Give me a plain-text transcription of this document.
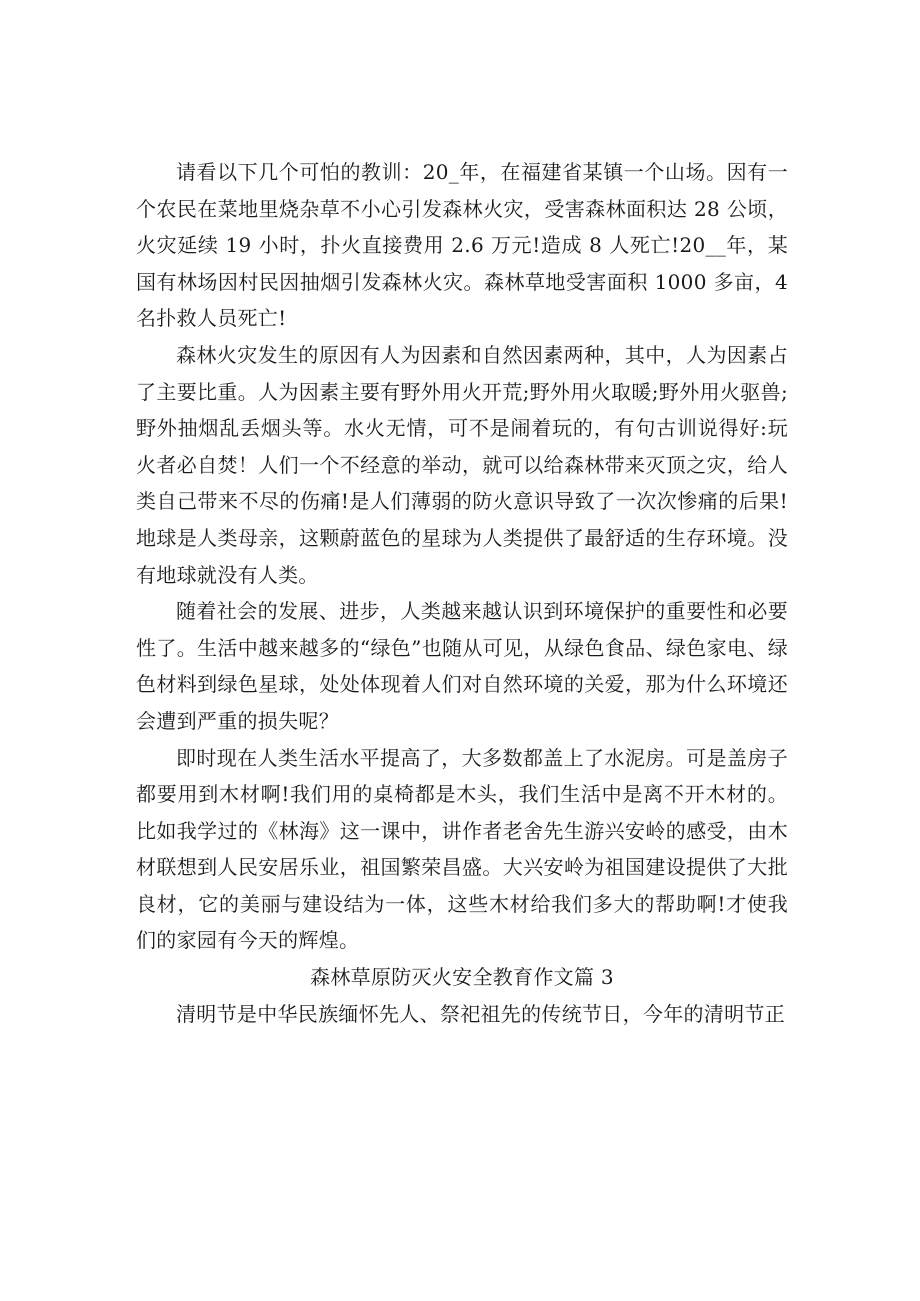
请看以下几个可怕的教训：20_年，在福建省某镇一个山场。因有一个农民在菜地里烧杂草不小心引发森林火灾，受害森林面积达 28 公顷，火灾延续 19 小时，扑火直接费用 2.6 万元!造成 8 人死亡!20__年，某国有林场因村民因抽烟引发森林火灾。森林草地受害面积 1000 多亩，4 名扑救人员死亡!

森林火灾发生的原因有人为因素和自然因素两种，其中，人为因素占了主要比重。人为因素主要有野外用火开荒;野外用火取暖;野外用火驱兽;野外抽烟乱丢烟头等。水火无情，可不是闹着玩的，有句古训说得好:玩火者必自焚！人们一个不经意的举动，就可以给森林带来灭顶之灾，给人类自己带来不尽的伤痛!是人们薄弱的防火意识导致了一次次惨痛的后果!地球是人类母亲，这颗蔚蓝色的星球为人类提供了最舒适的生存环境。没有地球就没有人类。

随着社会的发展、进步，人类越来越认识到环境保护的重要性和必要性了。生活中越来越多的“绿色”也随从可见，从绿色食品、绿色家电、绿色材料到绿色星球，处处体现着人们对自然环境的关爱，那为什么环境还会遭到严重的损失呢？

即时现在人类生活水平提高了，大多数都盖上了水泥房。可是盖房子都要用到木材啊!我们用的桌椅都是木头，我们生活中是离不开木材的。比如我学过的《林海》这一课中，讲作者老舍先生游兴安岭的感受，由木材联想到人民安居乐业，祖国繁荣昌盛。大兴安岭为祖国建设提供了大批良材，它的美丽与建设结为一体，这些木材给我们多大的帮助啊!才使我们的家园有今天的辉煌。

森林草原防灭火安全教育作文篇 3

清明节是中华民族缅怀先人、祭祀祖先的传统节日，今年的清明节正
